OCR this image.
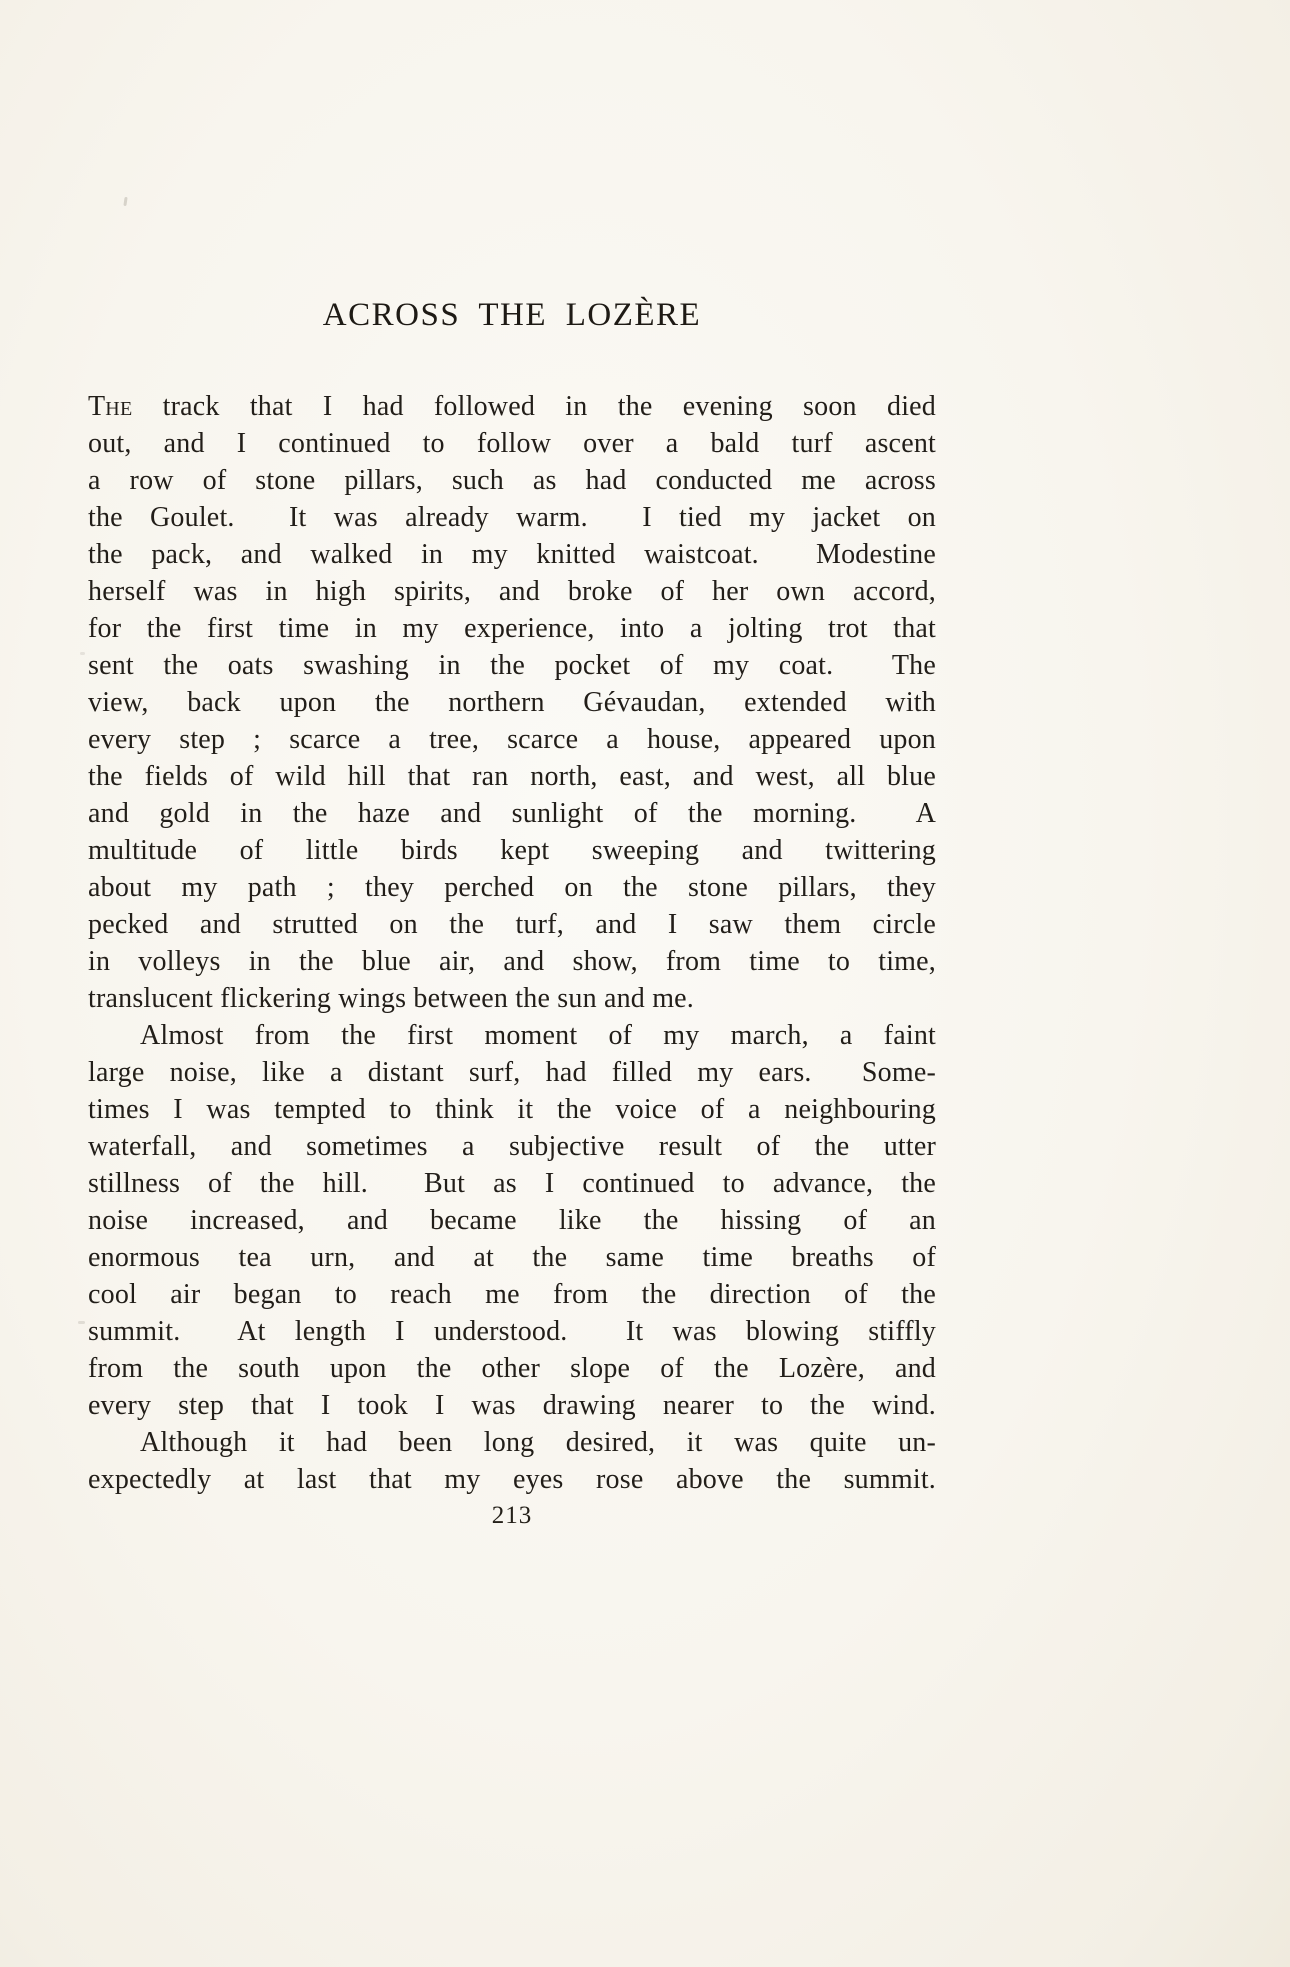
ACROSS THE LOZÈRE

The track that I had followed in the evening soon died

out, and I continued to follow over a bald turf ascent

a row of stone pillars, such as had conducted me across

the Goulet.  It was already warm.  I tied my jacket on

the pack, and walked in my knitted waistcoat.  Modestine

herself was in high spirits, and broke of her own accord,

for the first time in my experience, into a jolting trot that

sent the oats swashing in the pocket of my coat.  The

view, back upon the northern Gévaudan, extended with

every step ; scarce a tree, scarce a house, appeared upon

the fields of wild hill that ran north, east, and west, all blue

and gold in the haze and sunlight of the morning.  A

multitude of little birds kept sweeping and twittering

about my path ; they perched on the stone pillars, they

pecked and strutted on the turf, and I saw them circle

in volleys in the blue air, and show, from time to time,

translucent flickering wings between the sun and me.

Almost from the first moment of my march, a faint

large noise, like a distant surf, had filled my ears.  Some-

times I was tempted to think it the voice of a neighbouring

waterfall, and sometimes a subjective result of the utter

stillness of the hill.  But as I continued to advance, the

noise increased, and became like the hissing of an

enormous tea urn, and at the same time breaths of

cool air began to reach me from the direction of the

summit.  At length I understood.  It was blowing stiffly

from the south upon the other slope of the Lozère, and

every step that I took I was drawing nearer to the wind.

Although it had been long desired, it was quite un-

expectedly at last that my eyes rose above the summit.

213
